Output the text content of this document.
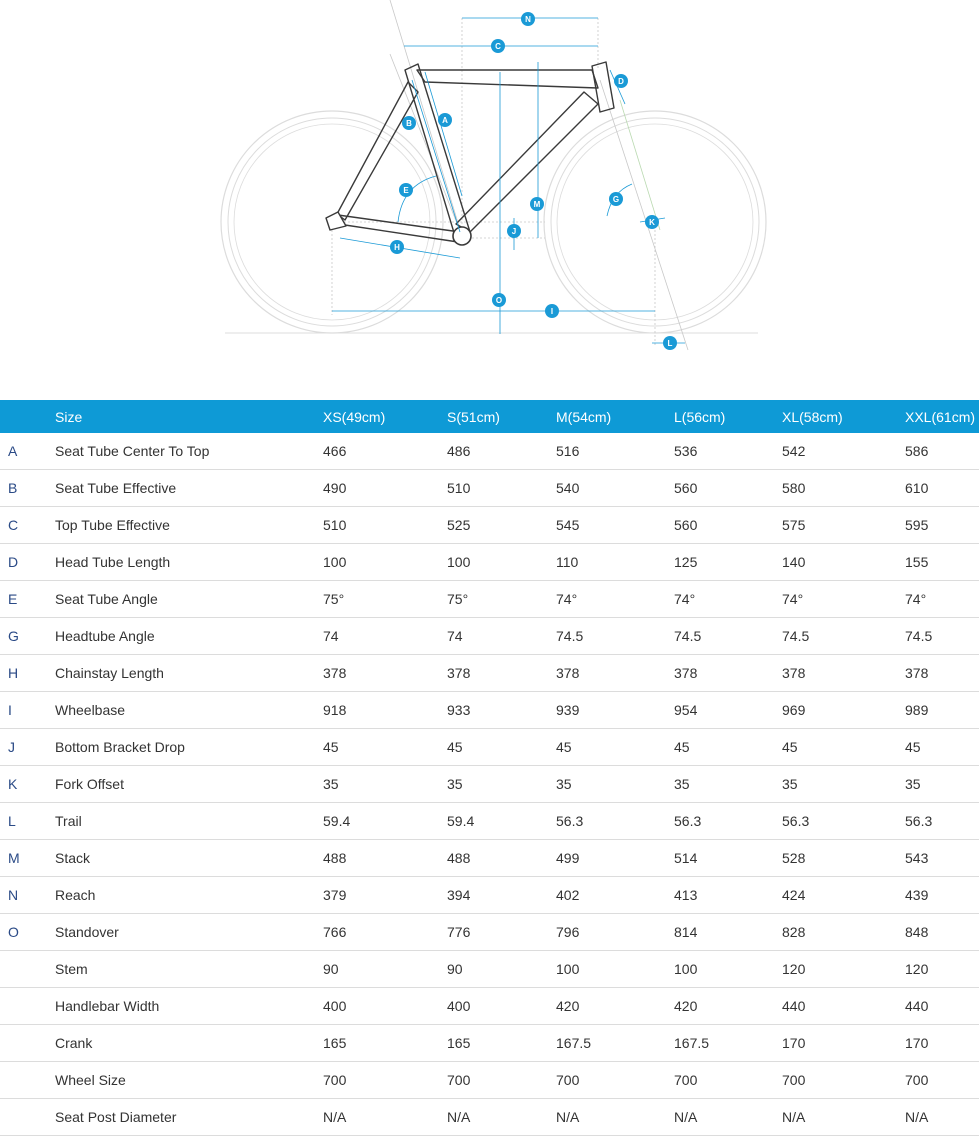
N
C
D
A
B
E
M
G
K
J
H
O
I
L
	Size	XS(49cm)	S(51cm)	M(54cm)	L(56cm)	XL(58cm)	XXL(61cm)
A	Seat Tube Center To Top	466	486	516	536	542	586
B	Seat Tube Effective	490	510	540	560	580	610
C	Top Tube Effective	510	525	545	560	575	595
D	Head Tube Length	100	100	110	125	140	155
E	Seat Tube Angle	75°	75°	74°	74°	74°	74°
G	Headtube Angle	74	74	74.5	74.5	74.5	74.5
H	Chainstay Length	378	378	378	378	378	378
I	Wheelbase	918	933	939	954	969	989
J	Bottom Bracket Drop	45	45	45	45	45	45
K	Fork Offset	35	35	35	35	35	35
L	Trail	59.4	59.4	56.3	56.3	56.3	56.3
M	Stack	488	488	499	514	528	543
N	Reach	379	394	402	413	424	439
O	Standover	766	776	796	814	828	848
	Stem	90	90	100	100	120	120
	Handlebar Width	400	400	420	420	440	440
	Crank	165	165	167.5	167.5	170	170
	Wheel Size	700	700	700	700	700	700
	Seat Post Diameter	N/A	N/A	N/A	N/A	N/A	N/A
